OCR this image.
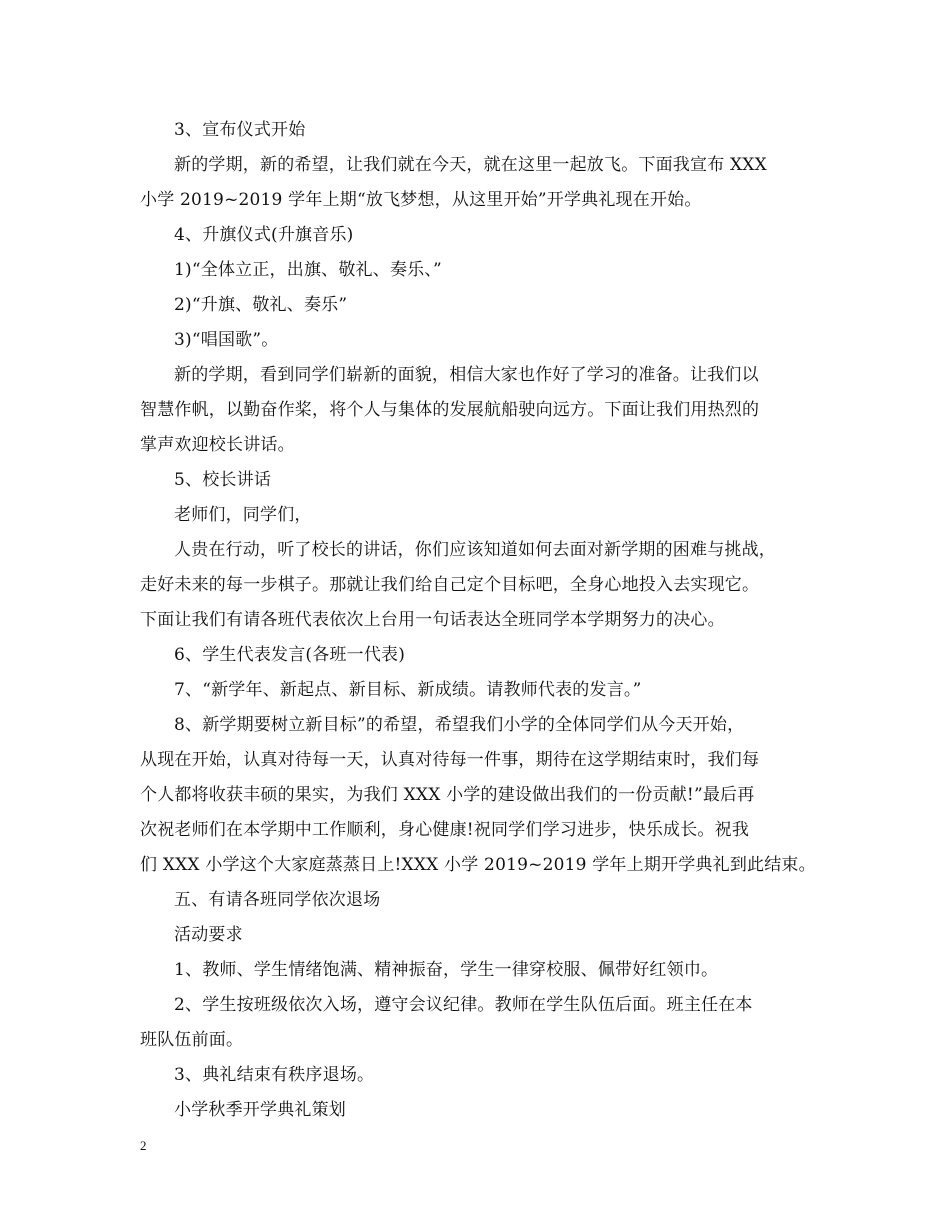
3、宣布仪式开始
新的学期，新的希望，让我们就在今天，就在这里一起放飞。下面我宣布 XXX
小学 2019~2019 学年上期“放飞梦想，从这里开始”开学典礼现在开始。
4、升旗仪式(升旗音乐)
1)“全体立正，出旗、敬礼、奏乐、”
2)“升旗、敬礼、奏乐”
3)“唱国歌”。
新的学期，看到同学们崭新的面貌，相信大家也作好了学习的准备。让我们以
智慧作帆，以勤奋作桨，将个人与集体的发展航船驶向远方。下面让我们用热烈的
掌声欢迎校长讲话。
5、校长讲话
老师们，同学们，
人贵在行动，听了校长的讲话，你们应该知道如何去面对新学期的困难与挑战，
走好未来的每一步棋子。那就让我们给自己定个目标吧，全身心地投入去实现它。
下面让我们有请各班代表依次上台用一句话表达全班同学本学期努力的决心。
6、学生代表发言(各班一代表)
7、“新学年、新起点、新目标、新成绩。请教师代表的发言。”
8、新学期要树立新目标”的希望，希望我们小学的全体同学们从今天开始，
从现在开始，认真对待每一天，认真对待每一件事，期待在这学期结束时，我们每
个人都将收获丰硕的果实，为我们 XXX 小学的建设做出我们的一份贡献!”最后再
次祝老师们在本学期中工作顺利，身心健康!祝同学们学习进步，快乐成长。祝我
们 XXX 小学这个大家庭蒸蒸日上!XXX 小学 2019~2019 学年上期开学典礼到此结束。
五、有请各班同学依次退场
活动要求
1、教师、学生情绪饱满、精神振奋，学生一律穿校服、佩带好红领巾。
2、学生按班级依次入场，遵守会议纪律。教师在学生队伍后面。班主任在本
班队伍前面。
3、典礼结束有秩序退场。
小学秋季开学典礼策划
2
